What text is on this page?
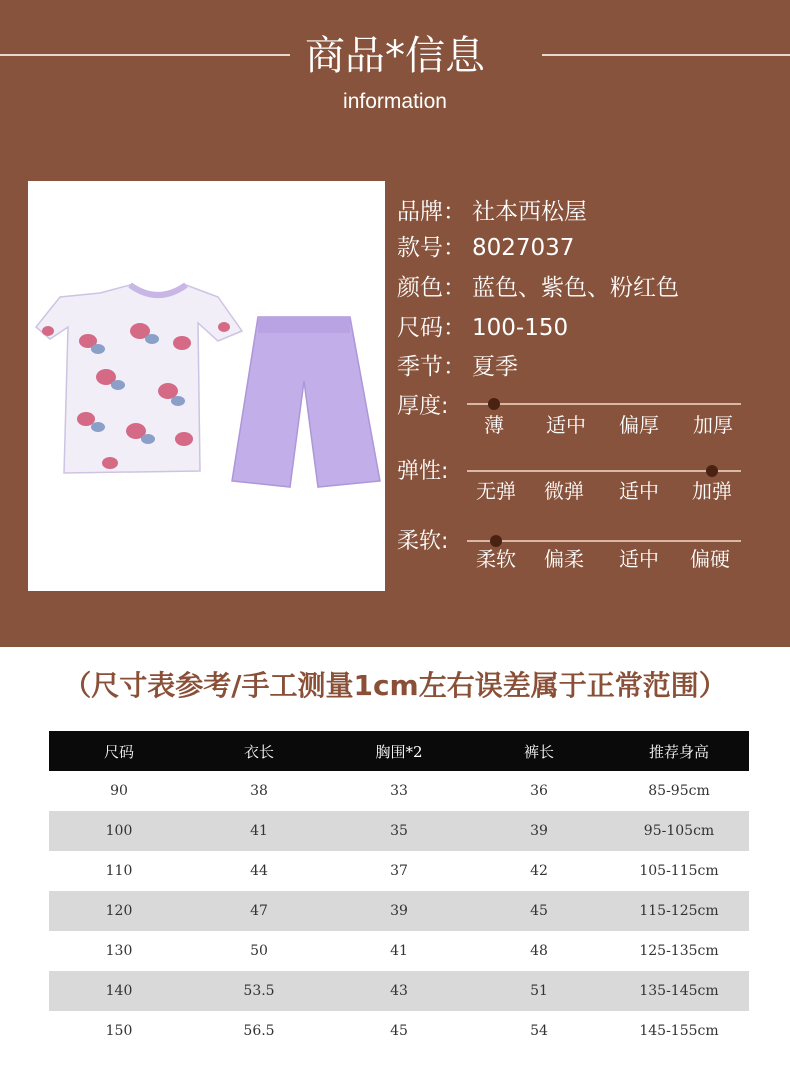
商品*信息
information
品牌： 社本西松屋
款号： 8027037
颜色： 蓝色、紫色、粉红色
尺码： 100-150
季节： 夏季
厚度:
薄	适中	偏厚	加厚
弹性:
无弹	微弹	适中	加弹
柔软:
柔软	偏柔	适中	偏硬
（尺寸表参考/手工测量1cm左右误差属于正常范围）
尺码	衣长	胸围*2	裤长	推荐身高
90	38	33	36	85-95cm
100	41	35	39	95-105cm
110	44	37	42	105-115cm
120	47	39	45	115-125cm
130	50	41	48	125-135cm
140	53.5	43	51	135-145cm
150	56.5	45	54	145-155cm
